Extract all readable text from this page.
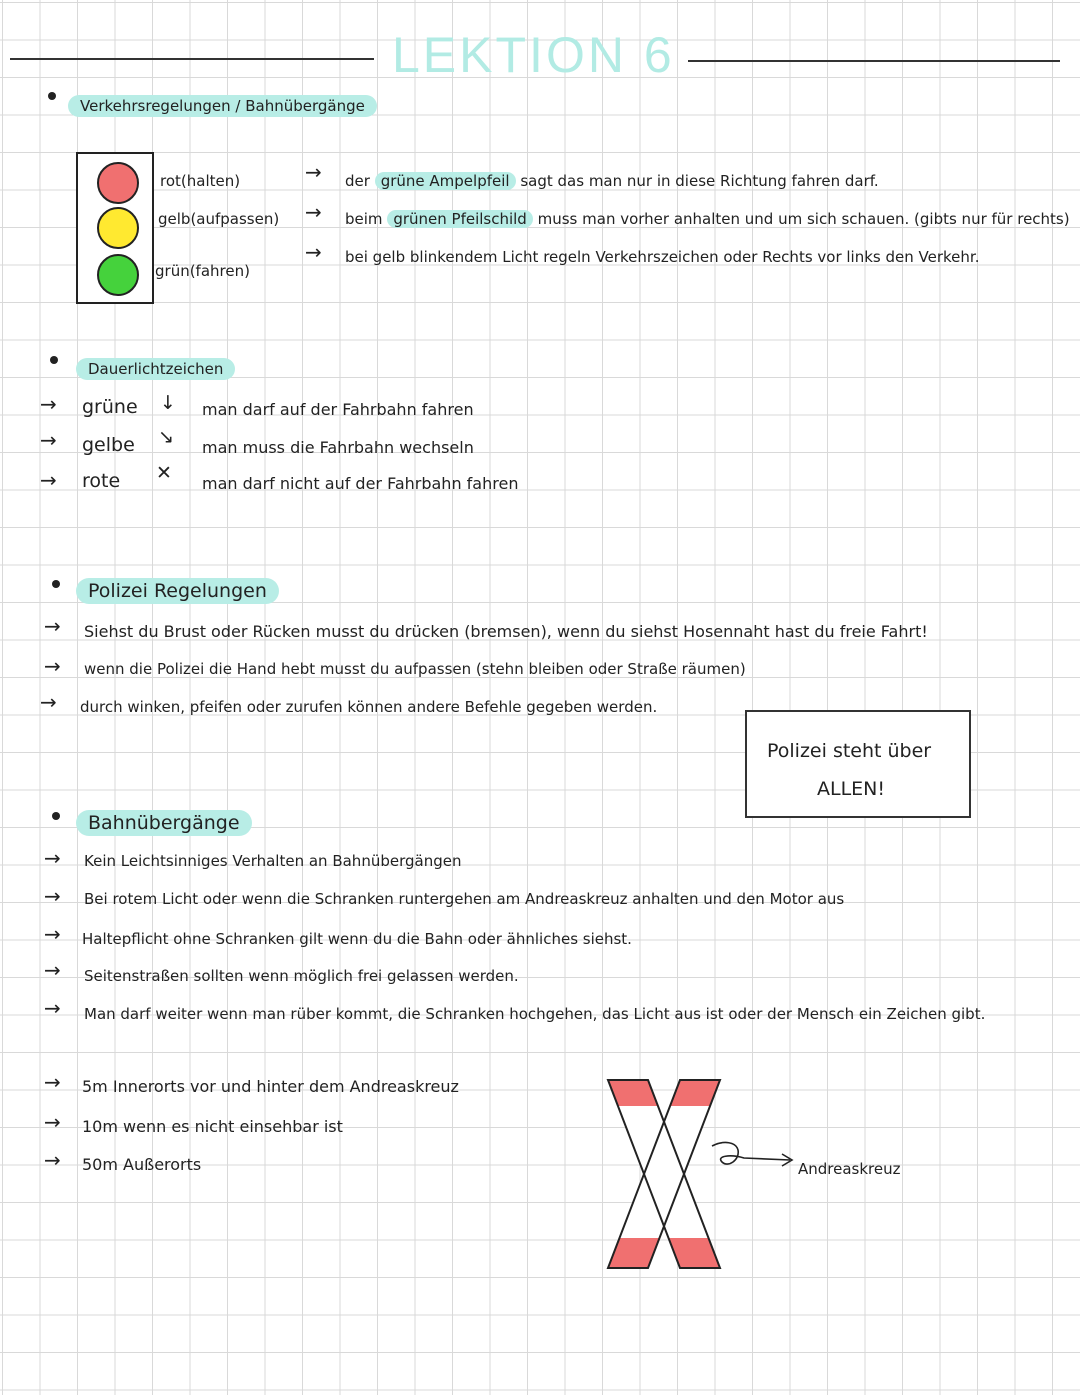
LEKTION 6
Verkehrsregelungen / Bahnübergänge
rot(halten)
gelb(aufpassen)
grün(fahren)
→ der grüne Ampelpfeil sagt das man nur in diese Richtung fahren darf.
→ beim grünen Pfeilschild muss man vorher anhalten und um sich schauen. (gibts nur für rechts)
→ bei gelb blinkendem Licht regeln Verkehrszeichen oder Rechts vor links den Verkehr.
Dauerlichtzeichen
→ grüne ↓ man darf auf der Fahrbahn fahren
→ gelbe ↘ man muss die Fahrbahn wechseln
→ rote ✕ man darf nicht auf der Fahrbahn fahren
Polizei Regelungen
→ Siehst du Brust oder Rücken musst du drücken (bremsen), wenn du siehst Hosennaht hast du freie Fahrt!
→ wenn die Polizei die Hand hebt musst du aufpassen (stehn bleiben oder Straße räumen)
→ durch winken, pfeifen oder zurufen können andere Befehle gegeben werden.
Polizei steht über
ALLEN!
Bahnübergänge
→ Kein Leichtsinniges Verhalten an Bahnübergängen
→ Bei rotem Licht oder wenn die Schranken runtergehen am Andreaskreuz anhalten und den Motor aus
→ Haltepflicht ohne Schranken gilt wenn du die Bahn oder ähnliches siehst.
→ Seitenstraßen sollten wenn möglich frei gelassen werden.
→ Man darf weiter wenn man rüber kommt, die Schranken hochgehen, das Licht aus ist oder der Mensch ein Zeichen gibt.
→ 5m Innerorts vor und hinter dem Andreaskreuz
→ 10m wenn es nicht einsehbar ist
→ 50m Außerorts	Andreaskreuz
